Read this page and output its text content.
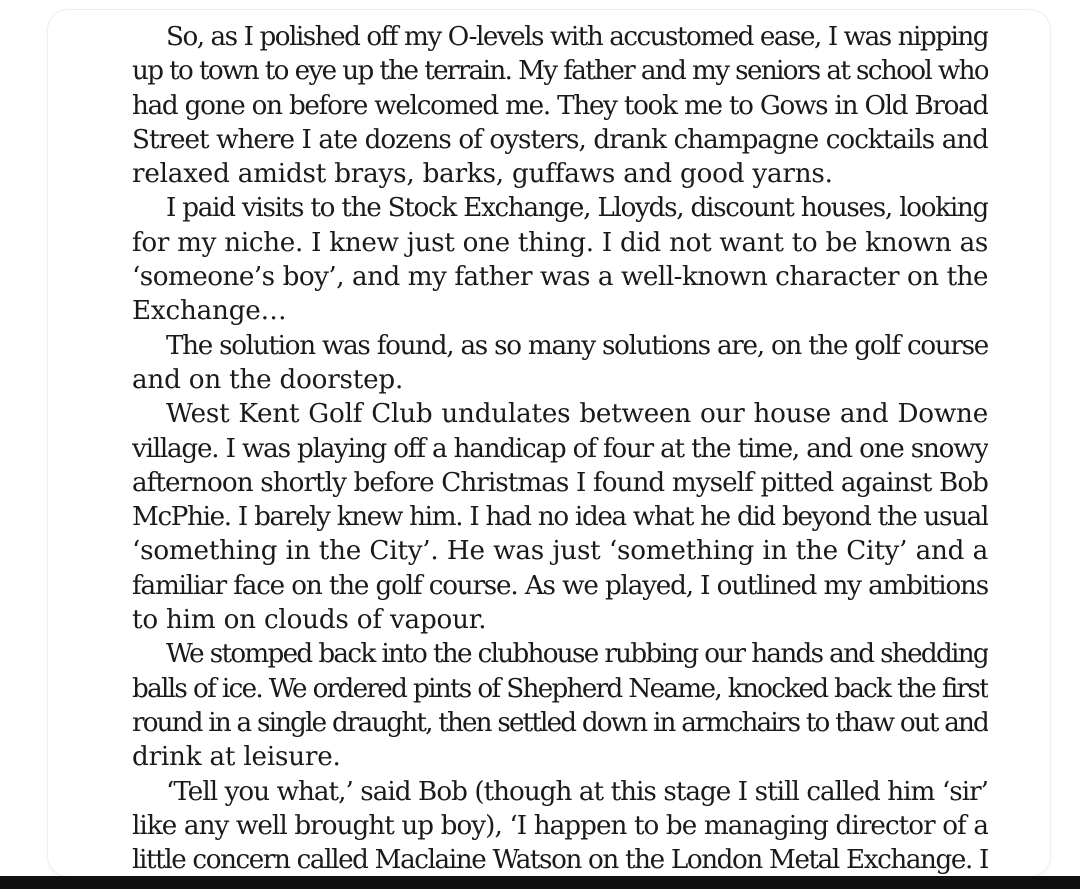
So, as I polished off my O-levels with accustomed ease, I was nipping
up to town to eye up the terrain. My father and my seniors at school who
had gone on before welcomed me. They took me to Gows in Old Broad
Street where I ate dozens of oysters, drank champagne cocktails and
relaxed amidst brays, barks, guffaws and good yarns.
I paid visits to the Stock Exchange, Lloyds, discount houses, looking
for my niche. I knew just one thing. I did not want to be known as
‘someone’s boy’, and my father was a well-known character on the
Exchange…
The solution was found, as so many solutions are, on the golf course
and on the doorstep.
West Kent Golf Club undulates between our house and Downe
village. I was playing off a handicap of four at the time, and one snowy
afternoon shortly before Christmas I found myself pitted against Bob
McPhie. I barely knew him. I had no idea what he did beyond the usual
‘something in the City’. He was just ‘something in the City’ and a
familiar face on the golf course. As we played, I outlined my ambitions
to him on clouds of vapour.
We stomped back into the clubhouse rubbing our hands and shedding
balls of ice. We ordered pints of Shepherd Neame, knocked back the first
round in a single draught, then settled down in armchairs to thaw out and
drink at leisure.
‘Tell you what,’ said Bob (though at this stage I still called him ‘sir’
like any well brought up boy), ‘I happen to be managing director of a
little concern called Maclaine Watson on the London Metal Exchange. I
